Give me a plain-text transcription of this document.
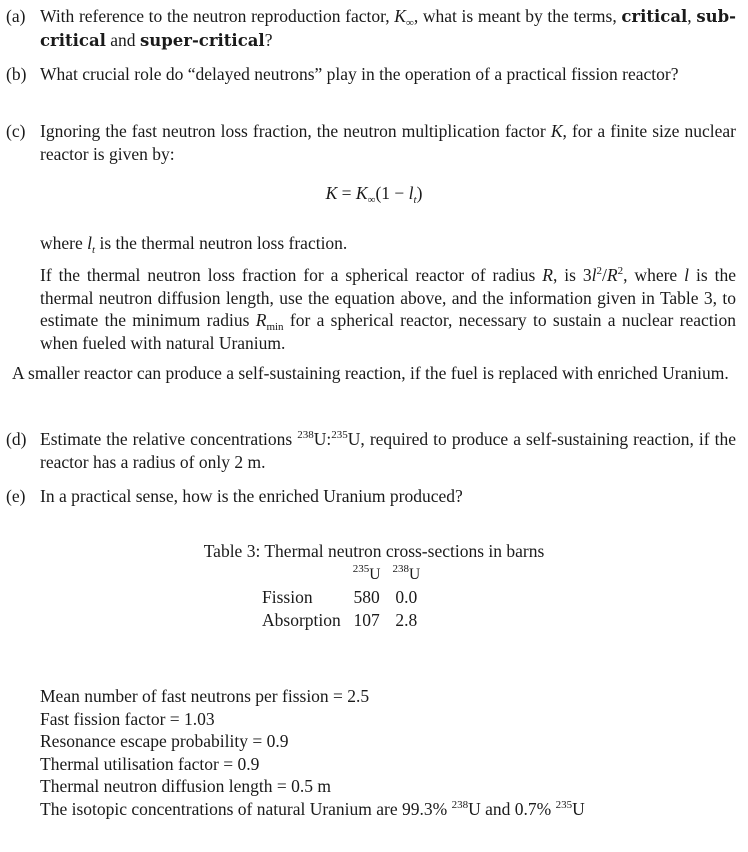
(a) With reference to the neutron reproduction factor, $K_\infty$, what is meant by the terms, critical, sub-critical and super-critical?
(b) What crucial role do “delayed neutrons” play in the operation of a practical fission reactor?
(c) Ignoring the fast neutron loss fraction, the neutron multiplication factor K, for a finite size nuclear reactor is given by:
$K = K_\infty(1 - l_t)$
where $l_t$ is the thermal neutron loss fraction.
If the thermal neutron loss fraction for a spherical reactor of radius R, is $3l^2/R^2$, where l is the thermal neutron diffusion length, use the equation above, and the information given in Table 3, to estimate the minimum radius $R_{min}$ for a spherical reactor, necessary to sustain a nuclear reaction when fueled with natural Uranium.
A smaller reactor can produce a self-sustaining reaction, if the fuel is replaced with enriched Uranium.
(d) Estimate the relative concentrations $^{238}$U:$^{235}$U, required to produce a self-sustaining reaction, if the reactor has a radius of only 2 m.
(e) In a practical sense, how is the enriched Uranium produced?
Table 3: Thermal neutron cross-sections in barns
	$^{235}$U	$^{238}$U
Fission	580	0.0
Absorption	107	2.8
Mean number of fast neutrons per fission = 2.5
Fast fission factor = 1.03
Resonance escape probability = 0.9
Thermal utilisation factor = 0.9
Thermal neutron diffusion length = 0.5 m
The isotopic concentrations of natural Uranium are 99.3% $^{238}$U and 0.7% $^{235}$U
